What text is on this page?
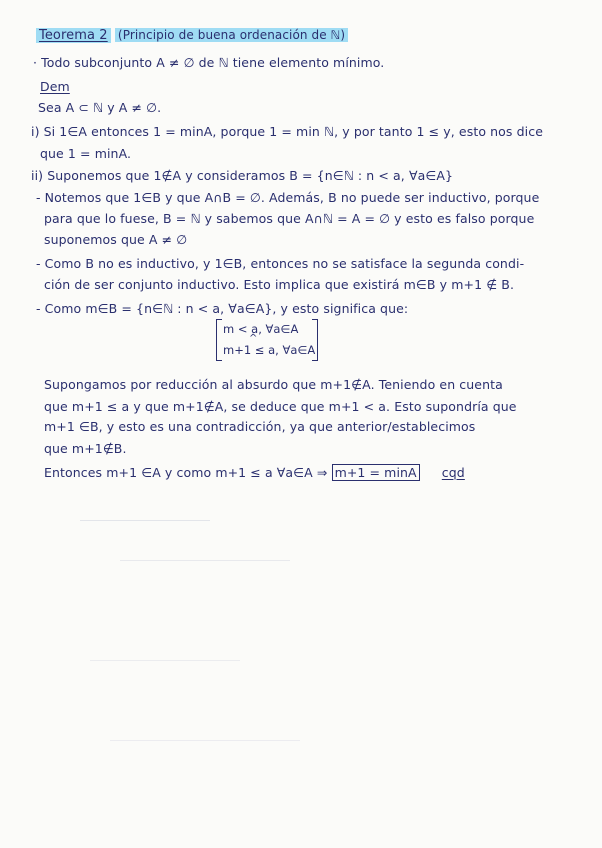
Teorema 2 (Principio de buena ordenación de ℕ)
· Todo subconjunto A ≠ ∅ de ℕ tiene elemento mínimo.
Dem
Sea A ⊂ ℕ y A ≠ ∅.
i) Si 1∈A entonces 1 = minA, porque 1 = min ℕ, y por tanto 1 ≤ y, esto nos dice
que 1 = minA.
ii) Suponemos que 1∉A y consideramos B = {n∈ℕ : n < a, ∀a∈A}
- Notemos que 1∈B y que A∩B = ∅. Además, B no puede ser inductivo, porque
para que lo fuese, B = ℕ y sabemos que A∩ℕ = A = ∅ y esto es falso porque
suponemos que A ≠ ∅
- Como B no es inductivo, y 1∈B, entonces no se satisface la segunda condi-
ción de ser conjunto inductivo. Esto implica que existirá m∈B y m+1 ∉ B.
- Como m∈B = {n∈ℕ : n < a, ∀a∈A}, y esto significa que:
m < a, ∀a∈A
^
m+1 ≤ a, ∀a∈A
Supongamos por reducción al absurdo que m+1∉A. Teniendo en cuenta
que m+1 ≤ a y que m+1∉A, se deduce que m+1 < a. Esto supondría que
m+1 ∈B, y esto es una contradicción, ya que anterior/establecimos
que m+1∉B.
Entonces m+1 ∈A y como m+1 ≤ a ∀a∈A ⇒ m+1 = minA cqd
